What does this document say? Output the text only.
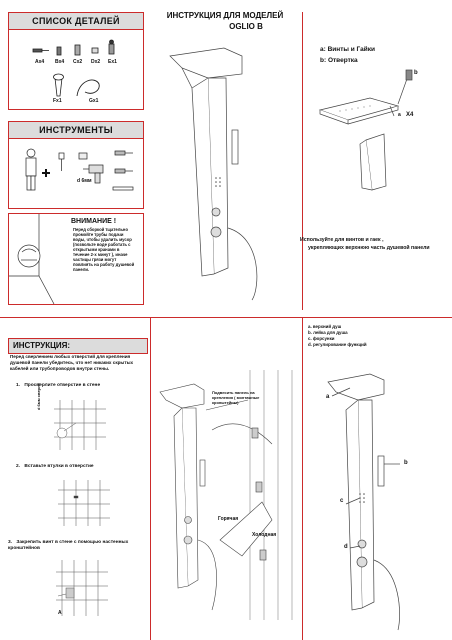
СПИСОК ДЕТАЛЕЙ
Ax4 Bx4 Cx2 Dx2 Ex1
Fx1	Gx1
ИНСТРУМЕНТЫ
d 6мм
ВНИМАНИЕ !
Перед сборкой тщательно промойте трубы подачи воды, чтобы удалить мусор (позвольте воде работать с открытыми кранами в течение 2-х минут ), иначе частицы грязи могут повлиять на работу душевой панели.
ИНСТРУКЦИЯ ДЛЯ МОДЕЛЕЙ
OGLIO B
a: Винты и Гайки
b: Отвертка
b
a X4
Используйте для винтов и гаек ,
укрепляющих верхнюю часть душевой панели
ИНСТРУКЦИЯ:
Перед сверлением любых отверстий для крепления душевой панели убедитесь, что нет никаких скрытых кабелей или трубопроводов внутри стены.
1. Просверлите отверстие в стене
d 6мм сверло
2. Вставьте втулки в отверстие
3. Закрепить винт в стене с помощью настенных кронштейнов
A
Подвесить панель на крепления ( монтажные кронштейны)
Горячая
Холодная
a. верхний душ
b. лейка для душа
c. форсунки
d. регулирование функций
a
b
c
d
